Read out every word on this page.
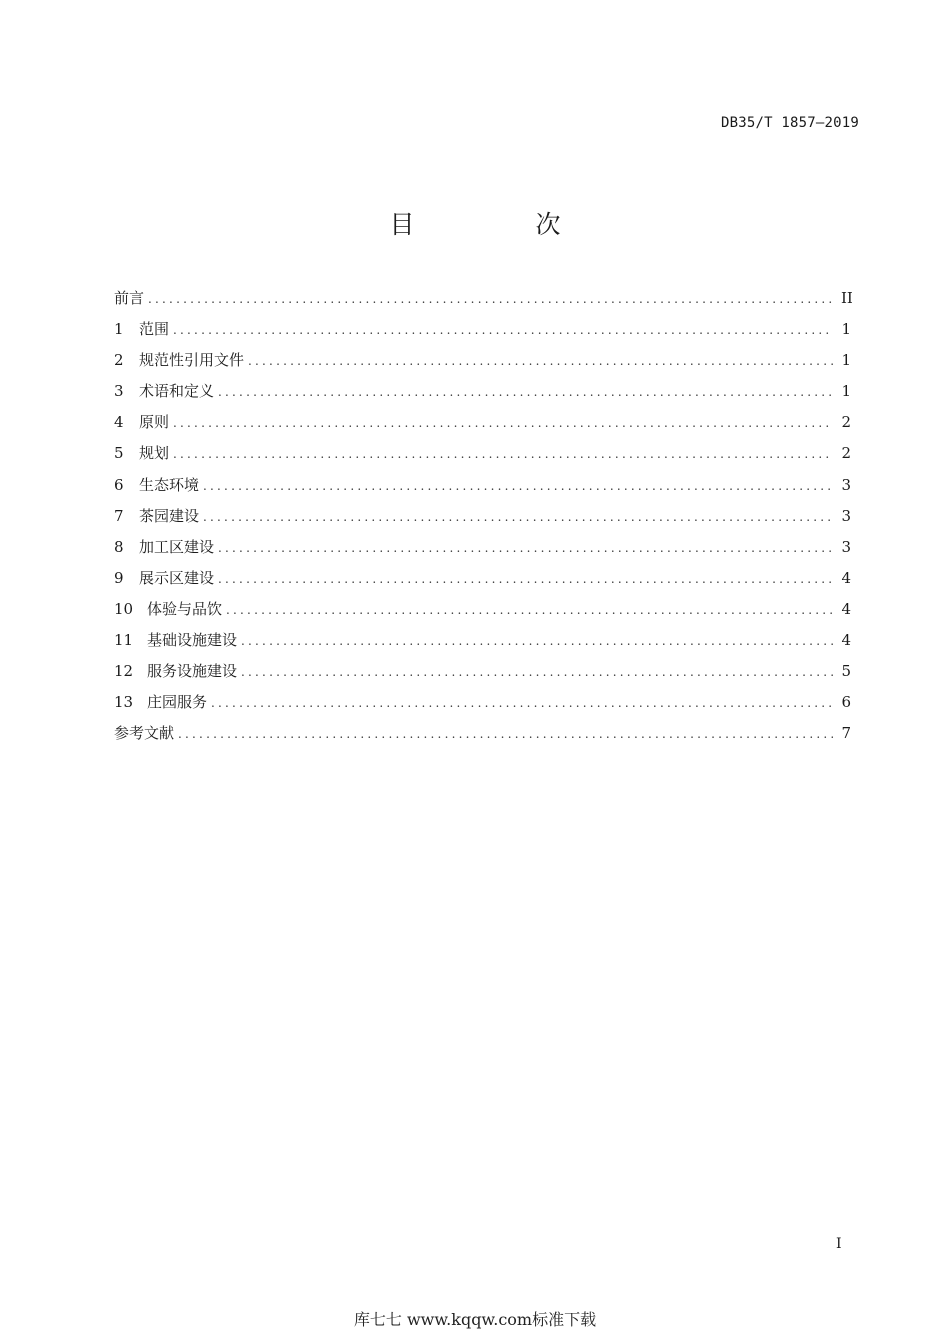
DB35/T 1857—2019
目　次
前言 .....	II
1	范围 .....	1
2	规范性引用文件 .....	1
3	术语和定义 .....	1
4	原则 .....	2
5	规划 .....	2
6	生态环境 .....	3
7	茶园建设 .....	3
8	加工区建设 .....	3
9	展示区建设 .....	4
10 体验与品饮 .....	4
11 基础设施建设 .....	4
12 服务设施建设 .....	5
13 庄园服务 .....	6
参考文献 .....	7
I
库七七 www.kqqw.com标准下载
